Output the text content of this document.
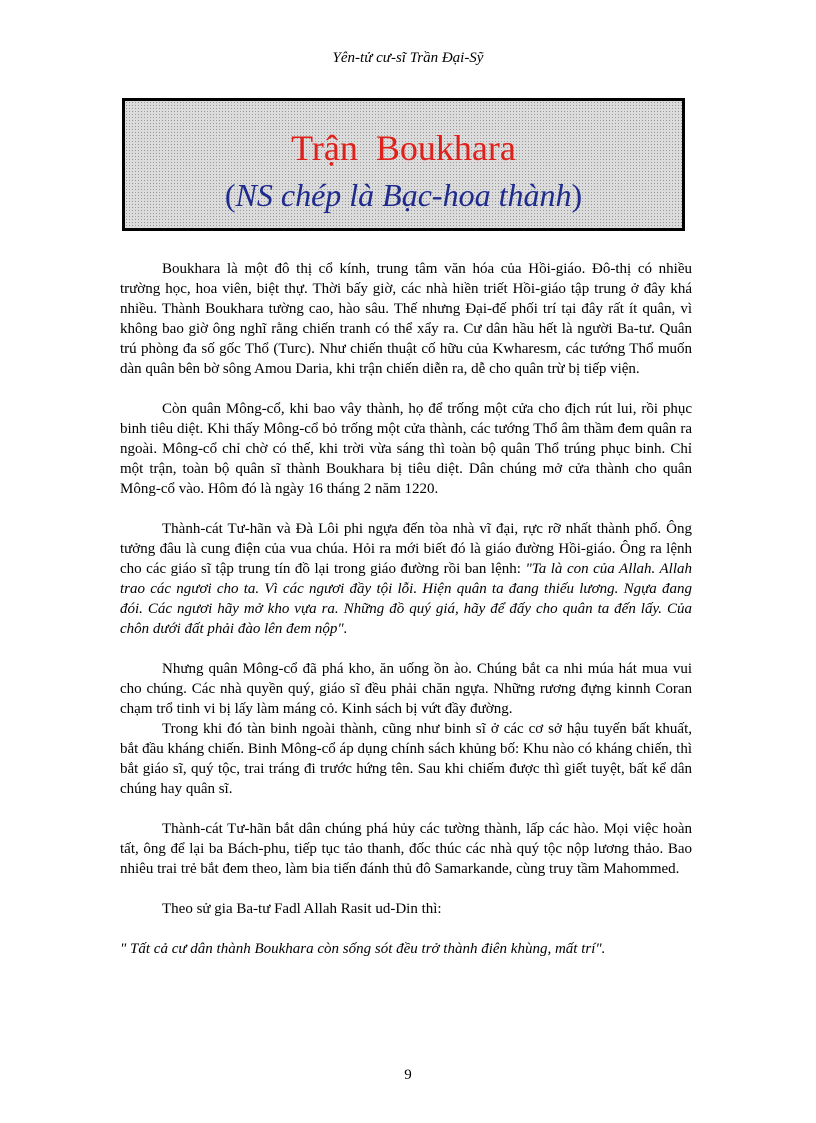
Yên-tử cư-sĩ Trần Đại-Sỹ
Trận  Boukhara
(NS chép là Bạc-hoa thành)

Boukhara là một đô thị cổ kính, trung tâm văn hóa của Hồi-giáo. Đô-thị có nhiều trường học, hoa viên, biệt thự. Thời bấy giờ, các nhà hiền triết Hồi-giáo tập trung ở đây khá nhiều. Thành Boukhara tường cao, hào sâu. Thế nhưng Đại-đế phối trí tại đây rất ít quân, vì không bao giờ ông nghĩ rằng chiến tranh có thể xẩy ra. Cư dân hầu hết là người Ba-tư. Quân trú phòng đa số gốc Thổ (Turc). Như chiến thuật cố hữu của Kwharesm, các tướng Thổ muốn dàn quân bên bờ sông Amou Daria, khi trận chiến diễn ra, dễ cho quân trừ bị tiếp viện.

Còn quân Mông-cổ, khi bao vây thành, họ để trống một cửa cho địch rút lui, rồi phục binh tiêu diệt. Khi thấy Mông-cổ bỏ trống một cửa thành, các tướng Thổ âm thầm đem quân ra ngoài. Mông-cổ chỉ chờ có thế, khi trời vừa sáng thì toàn bộ quân Thổ trúng phục binh. Chỉ một trận, toàn bộ quân sĩ thành Boukhara bị tiêu diệt. Dân chúng mở cửa thành cho quân Mông-cổ vào. Hôm đó là ngày 16 tháng 2 năm 1220.

Thành-cát Tư-hãn và Đà Lôi phi ngựa đến tòa nhà vĩ đại, rực rỡ nhất thành phố. Ông tưởng đâu là cung điện của vua chúa. Hỏi ra mới biết đó là giáo đường Hồi-giáo. Ông ra lệnh cho các giáo sĩ tập trung tín đồ lại trong giáo đường rồi ban lệnh: "Ta là con của Allah. Allah trao các ngươi cho ta. Vì các ngươi đầy tội lỗi. Hiện quân ta đang thiếu lương. Ngựa đang đói. Các ngươi hãy mở kho vựa ra. Những đồ quý giá, hãy để đấy cho quân ta đến lấy. Của chôn dưới đất phải đào lên đem nộp".

Nhưng quân Mông-cổ đã phá kho, ăn uống ồn ào. Chúng bắt ca nhi múa hát mua vui cho chúng. Các nhà quyền quý, giáo sĩ đều phải chăn ngựa. Những rương đựng kinnh Coran chạm trổ tinh vi bị lấy làm máng cỏ. Kinh sách bị vứt đầy đường.

Trong khi đó tàn binh ngoài thành, cũng như binh sĩ ở các cơ sở hậu tuyến bất khuất, bắt đầu kháng chiến. Binh Mông-cổ áp dụng chính sách khủng bố: Khu nào có kháng chiến, thì bắt giáo sĩ, quý tộc, trai tráng đi trước hứng tên. Sau khi chiếm được thì giết tuyệt, bất kể dân chúng hay quân sĩ.

Thành-cát Tư-hãn bắt dân chúng phá hủy các tường thành, lấp các hào. Mọi việc hoàn tất, ông để lại ba Bách-phu, tiếp tục tảo thanh, đốc thúc các nhà quý tộc nộp lương thảo. Bao nhiêu trai trẻ bắt đem theo, làm bia tiến đánh thủ đô Samarkande, cùng truy tầm Mahommed.

Theo sử gia Ba-tư Fadl Allah Rasit ud-Din thì:

" Tất cả cư dân thành Boukhara còn sống sót đều trở thành điên khùng, mất trí".

9
